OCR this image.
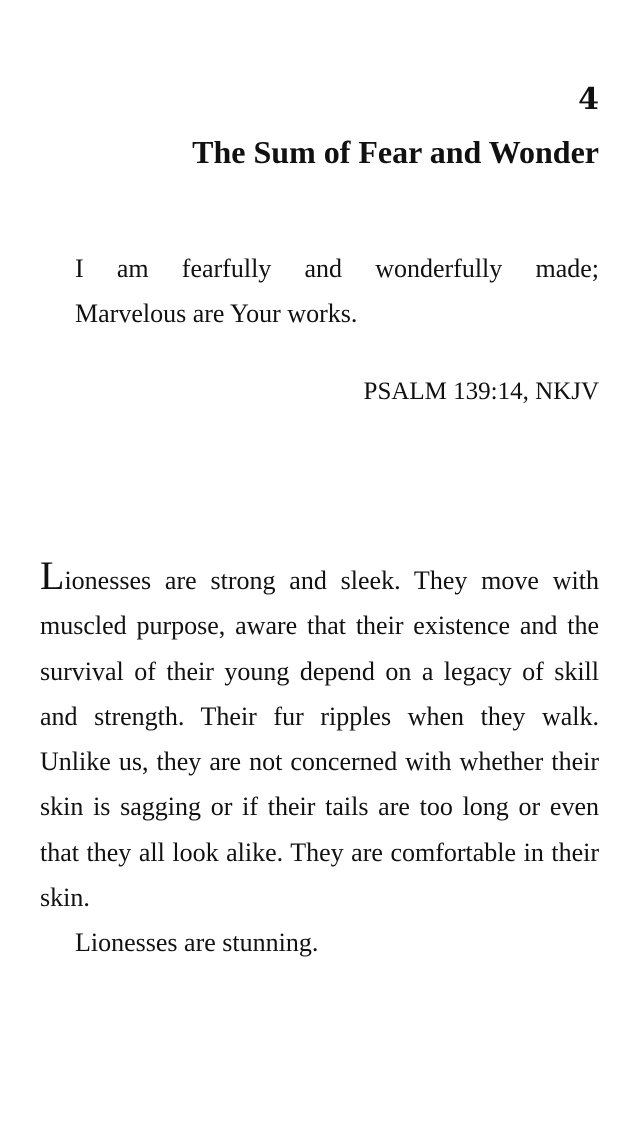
4
The Sum of Fear and Wonder
I am fearfully and wonderfully made;
Marvelous are Your works.
PSALM 139:14, NKJV

Lionesses are strong and sleek. They move with muscled purpose, aware that their existence and the survival of their young depend on a legacy of skill and strength. Their fur ripples when they walk. Unlike us, they are not concerned with whether their skin is sagging or if their tails are too long or even that they all look alike. They are comfortable in their skin.

Lionesses are stunning.
